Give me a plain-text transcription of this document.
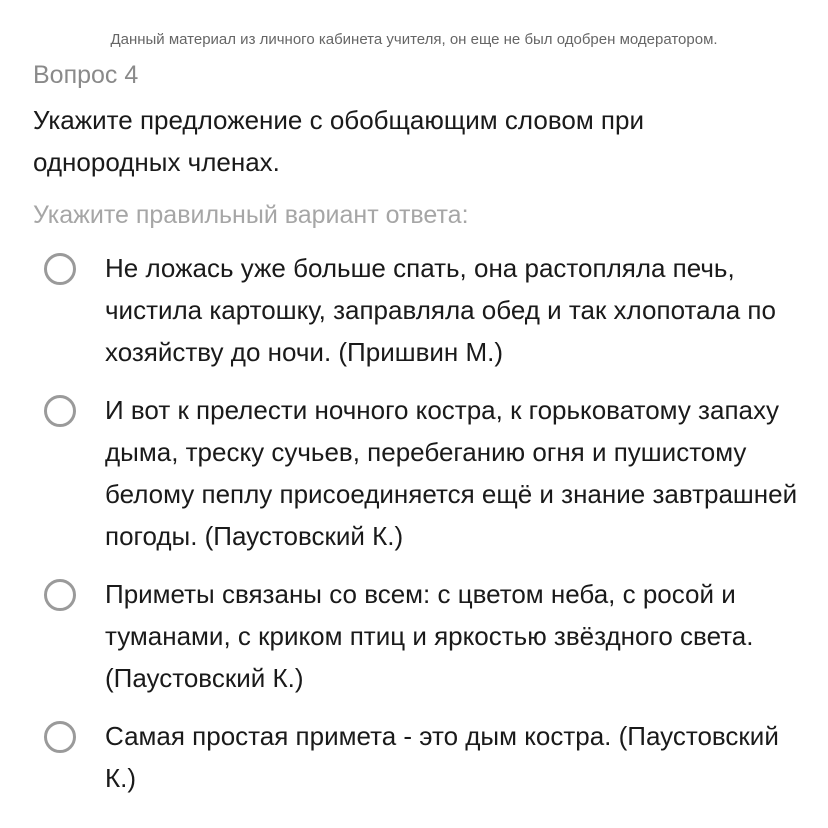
Данный материал из личного кабинета учителя, он еще не был одобрен модератором.
Вопрос 4
Укажите предложение с обобщающим словом при однородных членах.
Укажите правильный вариант ответа:
Не ложась уже больше спать, она растопляла печь, чистила картошку, заправляла обед и так хлопотала по хозяйству до ночи. (Пришвин М.)
И вот к прелести ночного костра, к горьковатому запаху дыма, треску сучьев, перебеганию огня и пушистому белому пеплу присоединяется ещё и знание завтрашней погоды. (Паустовский К.)
Приметы связаны со всем: с цветом неба, с росой и туманами, с криком птиц и яркостью звёздного света. (Паустовский К.)
Самая простая примета - это дым костра. (Паустовский К.)
